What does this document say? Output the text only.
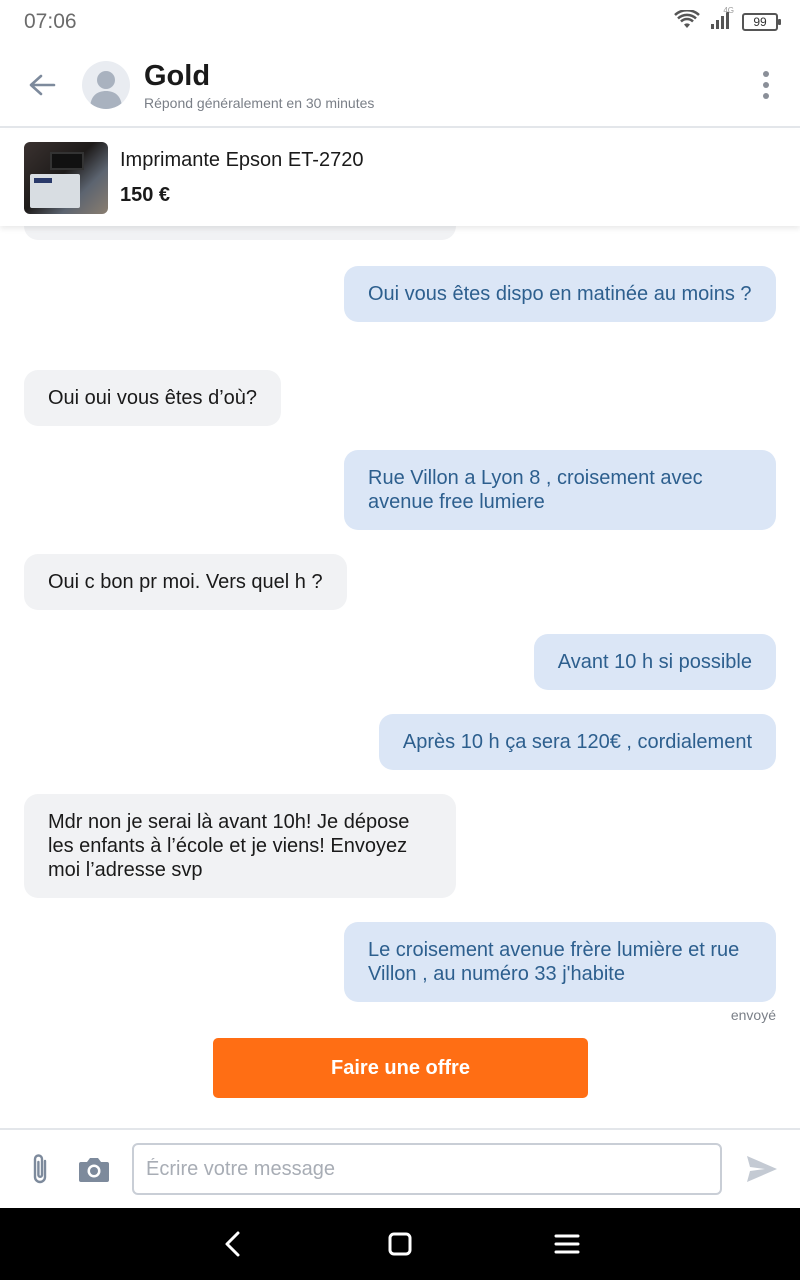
07:06	4G
99
Gold
Répond généralement en 30 minutes
Imprimante Epson ET-2720
150 €
Oui vous êtes dispo en matinée au moins ?
Oui oui vous êtes d’où?
Rue Villon a Lyon 8 , croisement avec avenue free lumiere
Oui c bon pr moi. Vers quel h ?
Avant 10 h si possible
Après 10 h ça sera 120€ , cordialement
Mdr non je serai là avant 10h! Je dépose les enfants à l’école et je viens! Envoyez moi l’adresse svp
Le croisement avenue frère lumière et rue Villon , au numéro 33 j'habite
envoyé
Faire une offre
Écrire votre message
